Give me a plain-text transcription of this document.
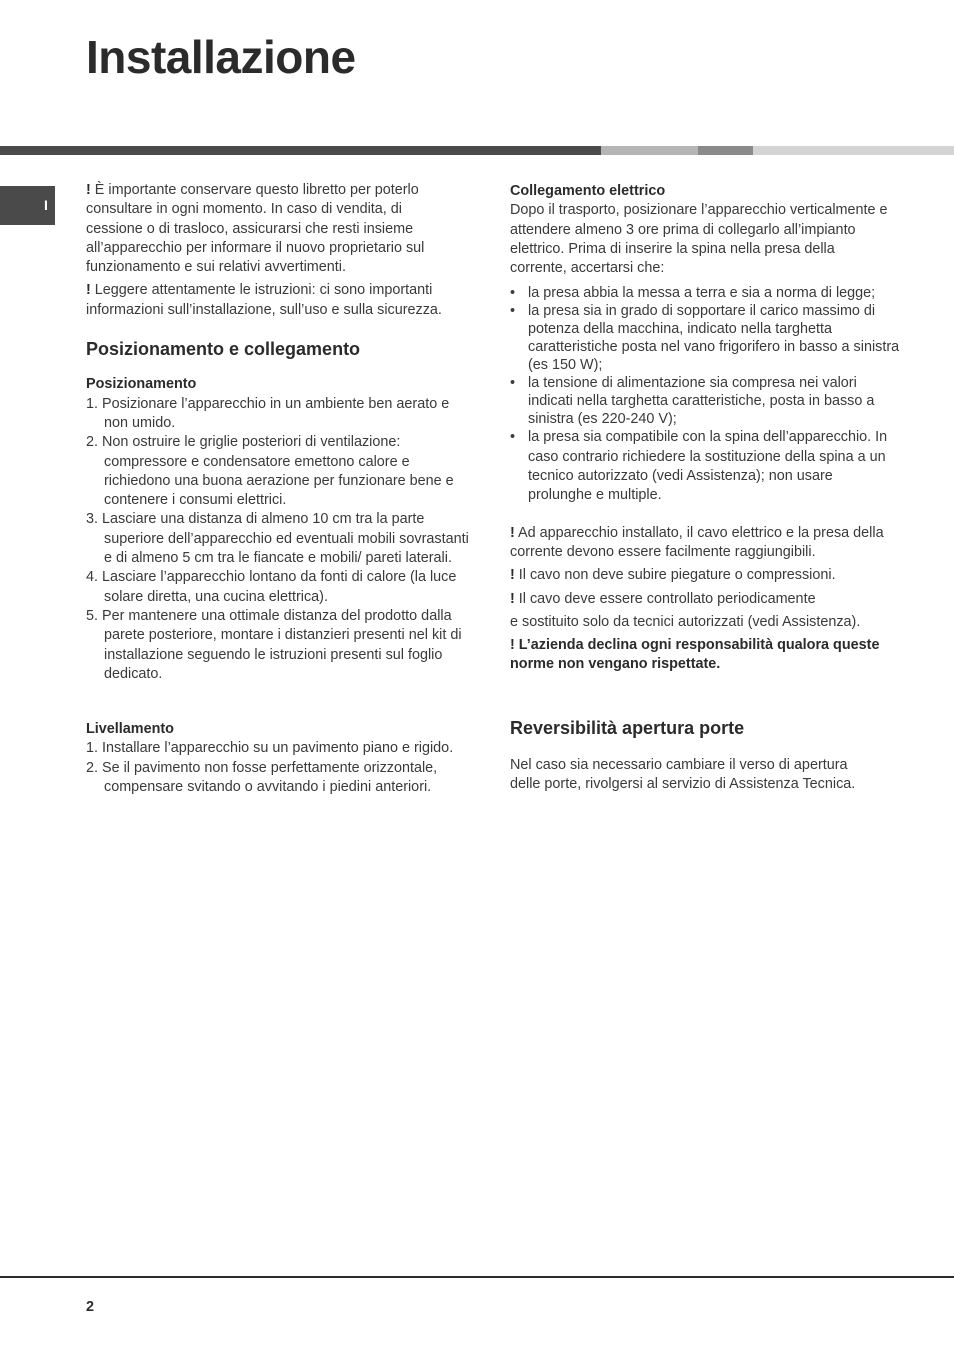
Installazione
I

! È importante conservare questo libretto per poterlo consultare in ogni momento. In caso di vendita, di cessione o di trasloco, assicurarsi che resti insieme all’apparecchio per informare il nuovo proprietario sul funzionamento e sui relativi avvertimenti.

! Leggere attentamente le istruzioni: ci sono importanti informazioni sull’installazione, sull’uso e sulla sicurezza.

Posizionamento e collegamento
Posizionamento
1. Posizionare l’apparecchio in un ambiente ben aerato e non umido.
2. Non ostruire le griglie posteriori di ventilazione: compressore e condensatore emettono calore e richiedono una buona aerazione per funzionare bene e contenere i consumi elettrici.
3. Lasciare una distanza di almeno 10 cm tra la parte superiore dell’apparecchio ed eventuali mobili sovrastanti e di almeno 5 cm tra le fiancate e mobili/ pareti laterali.
4. Lasciare l’apparecchio lontano da fonti di calore (la luce solare diretta, una cucina elettrica).
5. Per mantenere una ottimale distanza del prodotto dalla parete posteriore, montare i distanzieri presenti nel kit di installazione seguendo le istruzioni presenti sul foglio dedicato.
Livellamento
1. Installare l’apparecchio su un pavimento piano e rigido.
2. Se il pavimento non fosse perfettamente orizzontale, compensare svitando o avvitando i piedini anteriori.
Collegamento elettrico

Dopo il trasporto, posizionare l’apparecchio verticalmente e attendere almeno 3 ore prima di collegarlo all’impianto elettrico. Prima di inserire la spina nella presa della corrente, accertarsi che:

• la presa abbia la messa a terra e sia a norma di legge;
• la presa sia in grado di sopportare il carico massimo di potenza della macchina, indicato nella targhetta caratteristiche posta nel vano frigorifero in basso a sinistra (es 150 W);
• la tensione di alimentazione sia compresa nei valori indicati nella targhetta caratteristiche, posta in basso a sinistra (es 220-240 V);
• la presa sia compatibile con la spina dell’apparecchio. In caso contrario richiedere la sostituzione della spina a un tecnico autorizzato (vedi Assistenza); non usare prolunghe e multiple.

! Ad apparecchio installato, il cavo elettrico e la presa della corrente devono essere facilmente raggiungibili.

! Il cavo non deve subire piegature o compressioni.

! Il cavo deve essere controllato periodicamente

e sostituito solo da tecnici autorizzati (vedi Assistenza).

! L’azienda declina ogni responsabilità qualora queste norme non vengano rispettate.

Reversibilità apertura porte

Nel caso sia necessario cambiare il verso di apertura delle porte, rivolgersi al servizio di Assistenza Tecnica.

2
